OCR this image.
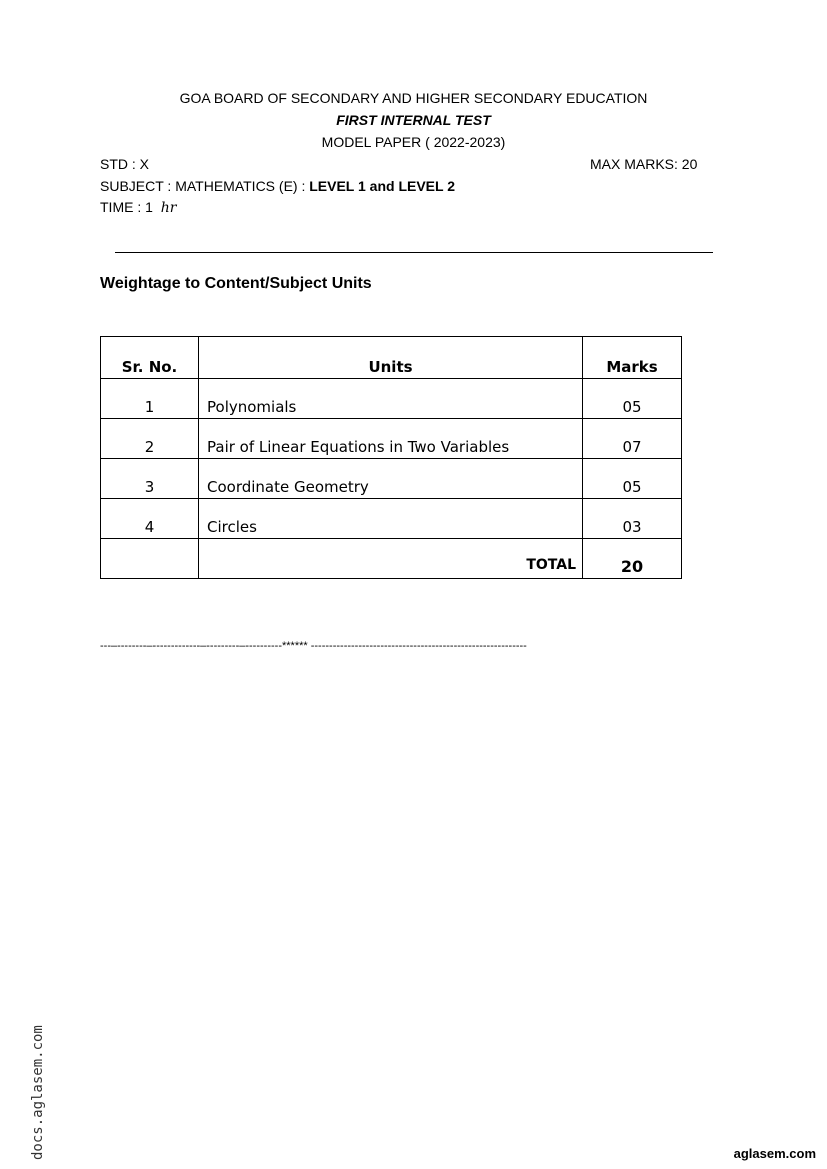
GOA BOARD OF SECONDARY AND HIGHER SECONDARY EDUCATION
FIRST INTERNAL TEST
MODEL PAPER ( 2022-2023)
STD : X	MAX MARKS: 20
SUBJECT : MATHEMATICS (E) : LEVEL 1 and LEVEL 2
TIME : 1 hr
Weightage to Content/Subject Units
Sr. No.	Units	Marks
1	Polynomials	05
2	Pair of Linear Equations in Two Variables	07
3	Coordinate Geometry	05
4	Circles	03
	TOTAL	20
---–--------–-------------–---------–----------****** -----------------------------------------------------------
docs.aglasem.com	aglasem.com
